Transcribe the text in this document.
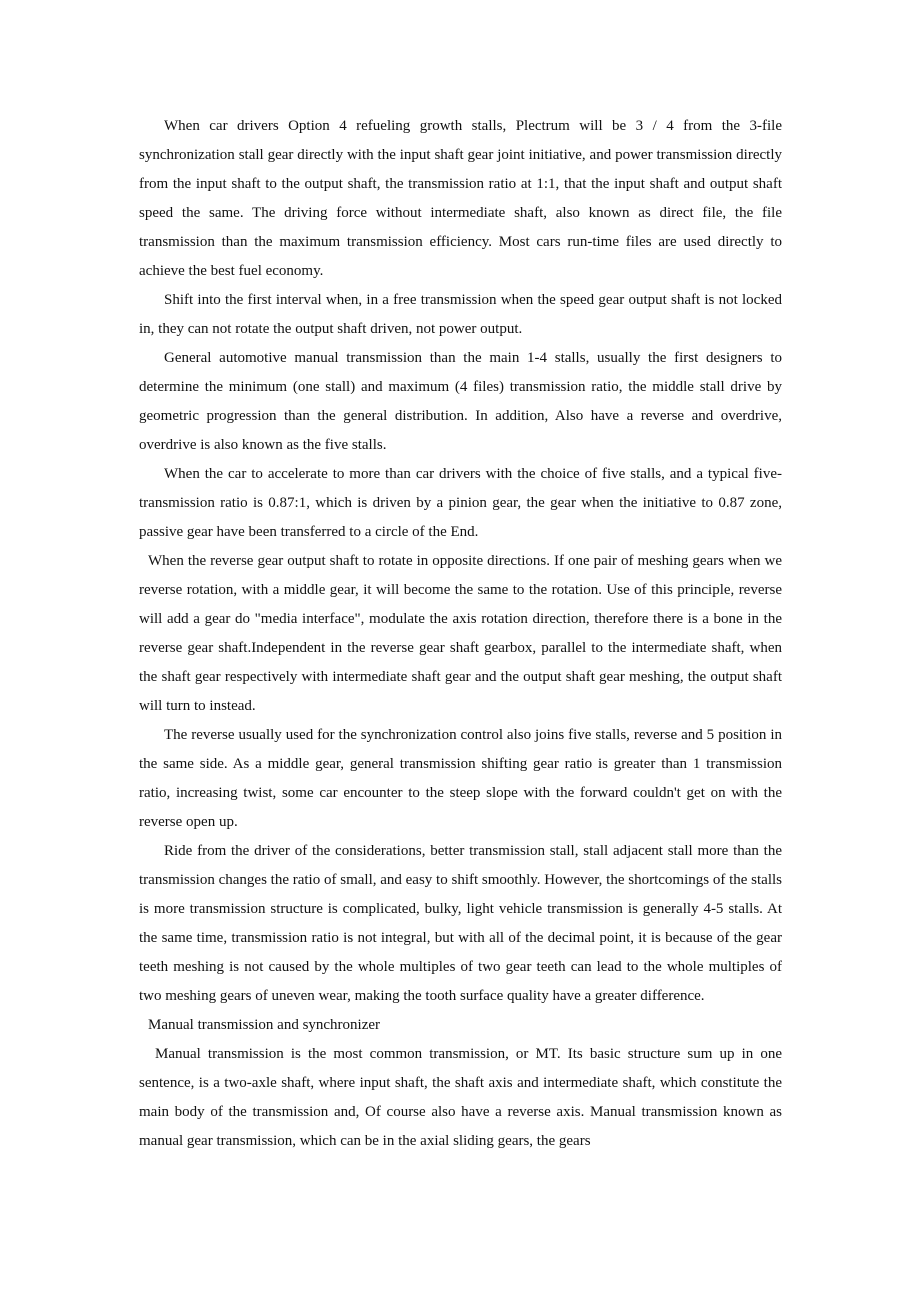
When car drivers Option 4 refueling growth stalls, Plectrum will be 3 / 4 from the 3-file synchronization stall gear directly with the input shaft gear joint initiative, and power transmission directly from the input shaft to the output shaft, the transmission ratio at 1:1, that the input shaft and output shaft speed the same. The driving force without intermediate shaft, also known as direct file, the file transmission than the maximum transmission efficiency. Most cars run-time files are used directly to achieve the best fuel economy.

Shift into the first interval when, in a free transmission when the speed gear output shaft is not locked in, they can not rotate the output shaft driven, not power output.

General automotive manual transmission than the main 1-4 stalls, usually the first designers to determine the minimum (one stall) and maximum (4 files) transmission ratio, the middle stall drive by geometric progression than the general distribution. In addition, Also have a reverse and overdrive, overdrive is also known as the five stalls.

When the car to accelerate to more than car drivers with the choice of five stalls, and a typical five-transmission ratio is 0.87:1, which is driven by a pinion gear, the gear when the initiative to 0.87 zone, passive gear have been transferred to a circle of the End.

When the reverse gear output shaft to rotate in opposite directions. If one pair of meshing gears when we reverse rotation, with a middle gear, it will become the same to the rotation. Use of this principle, reverse will add a gear do "media interface", modulate the axis rotation direction, therefore there is a bone in the reverse gear shaft.Independent in the reverse gear shaft gearbox, parallel to the intermediate shaft, when the shaft gear respectively with intermediate shaft gear and the output shaft gear meshing, the output shaft will turn to instead.

The reverse usually used for the synchronization control also joins five stalls, reverse and 5 position in the same side. As a middle gear, general transmission shifting gear ratio is greater than 1 transmission ratio, increasing twist, some car encounter to the steep slope with the forward couldn't get on with the reverse open up.

Ride from the driver of the considerations, better transmission stall, stall adjacent stall more than the transmission changes the ratio of small, and easy to shift smoothly. However, the shortcomings of the stalls is more transmission structure is complicated, bulky, light vehicle transmission is generally 4-5 stalls. At the same time, transmission ratio is not integral, but with all of the decimal point, it is because of the gear teeth meshing is not caused by the whole multiples of two gear teeth can lead to the whole multiples of two meshing gears of uneven wear, making the tooth surface quality have a greater difference.

Manual transmission and synchronizer

Manual transmission is the most common transmission, or MT. Its basic structure sum up in one sentence, is a two-axle shaft, where input shaft, the shaft axis and intermediate shaft, which constitute the main body of the transmission and, Of course also have a reverse axis. Manual transmission known as manual gear transmission, which can be in the axial sliding gears, the gears
